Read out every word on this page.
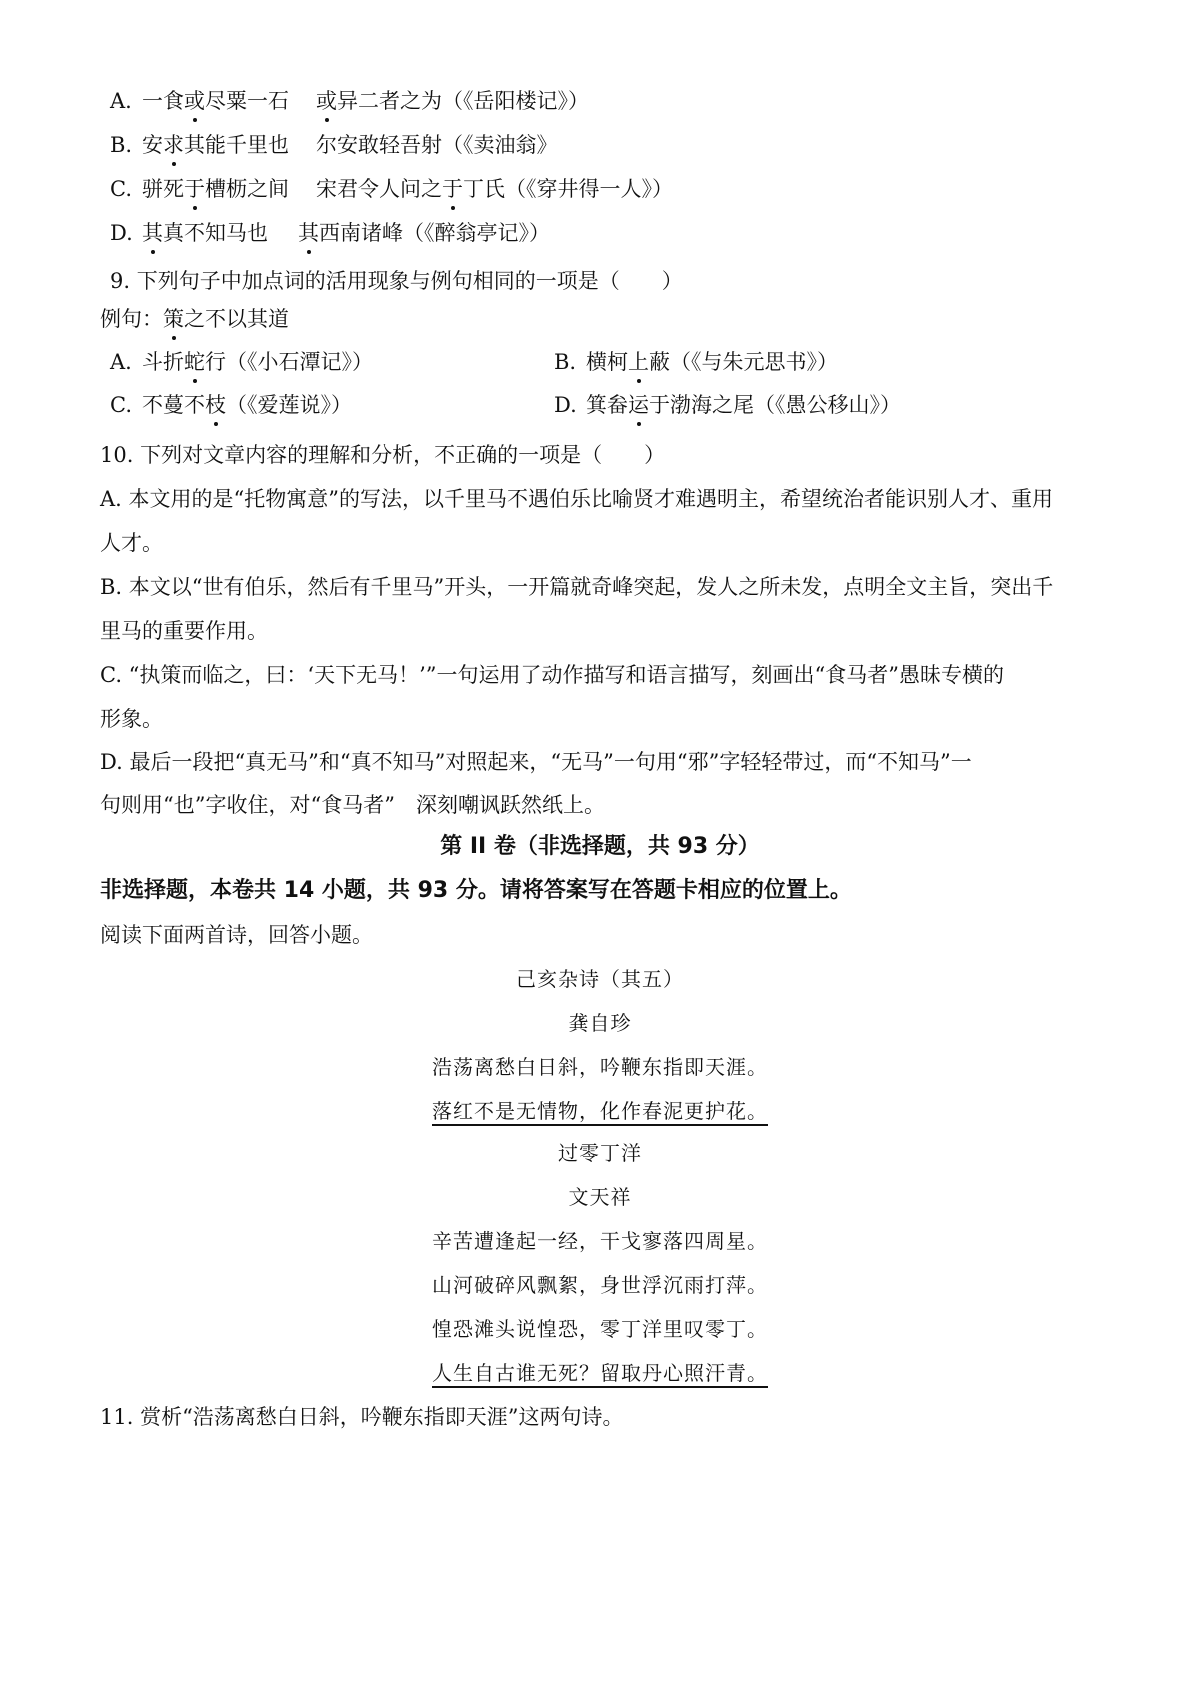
A. 一食或尽粟一石 或异二者之为（《岳阳楼记》）
B. 安求其能千里也 尔安敢轻吾射（《卖油翁》
C. 骈死于槽枥之间 宋君令人问之于丁氏（《穿井得一人》）
D. 其真不知马也 其西南诸峰（《醉翁亭记》）
9. 下列句子中加点词的活用现象与例句相同的一项是（　　）
例句：策之不以其道
A. 斗折蛇行（《小石潭记》）	B. 横柯上蔽（《与朱元思书》）
C. 不蔓不枝（《爱莲说》）	D. 箕畚运于渤海之尾（《愚公移山》）
10. 下列对文章内容的理解和分析，不正确的一项是（　　）
A. 本文用的是“托物寓意”的写法，以千里马不遇伯乐比喻贤才难遇明主，希望统治者能识别人才、重用
人才。
B. 本文以“世有伯乐，然后有千里马”开头，一开篇就奇峰突起，发人之所未发，点明全文主旨，突出千
里马的重要作用。
C. “执策而临之，曰：‘天下无马！’”一句运用了动作描写和语言描写，刻画出“食马者”愚昧专横的
形象。
D. 最后一段把“真无马”和“真不知马”对照起来，“无马”一句用“邪”字轻轻带过，而“不知马”一
句则用“也”字收住，对“食马者”　深刻嘲讽跃然纸上。
第 II 卷（非选择题，共 93 分）
非选择题，本卷共 14 小题，共 93 分。请将答案写在答题卡相应的位置上。
阅读下面两首诗，回答小题。
己亥杂诗（其五）
龚自珍
浩荡离愁白日斜，吟鞭东指即天涯。
落红不是无情物，化作春泥更护花。
过零丁洋
文天祥
辛苦遭逢起一经，干戈寥落四周星。
山河破碎风飘絮，身世浮沉雨打萍。
惶恐滩头说惶恐，零丁洋里叹零丁。
人生自古谁无死？留取丹心照汗青。
11. 赏析“浩荡离愁白日斜，吟鞭东指即天涯”这两句诗。
